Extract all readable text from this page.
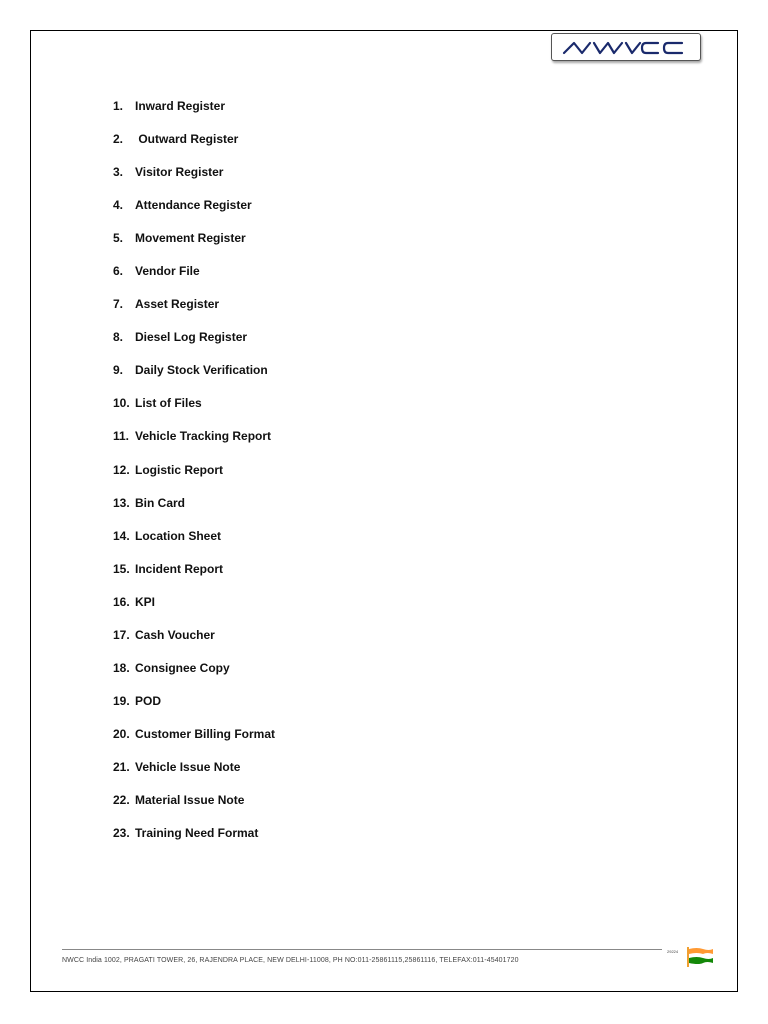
1. Inward Register
2. Outward Register
3. Visitor Register
4. Attendance Register
5. Movement Register
6. Vendor File
7. Asset Register
8. Diesel Log Register
9. Daily Stock Verification
10. List of Files
11. Vehicle Tracking Report
12. Logistic Report
13. Bin Card
14. Location Sheet
15. Incident Report
16. KPI
17. Cash Voucher
18. Consignee Copy
19. POD
20. Customer Billing Format
21. Vehicle Issue Note
22. Material Issue Note
23. Training Need Format
NWCC India 1002, PRAGATI TOWER, 26, RAJENDRA PLACE, NEW DELHI-11008, PH NO:011-25861115,25861116, TELEFAX:011-45401720
29224
